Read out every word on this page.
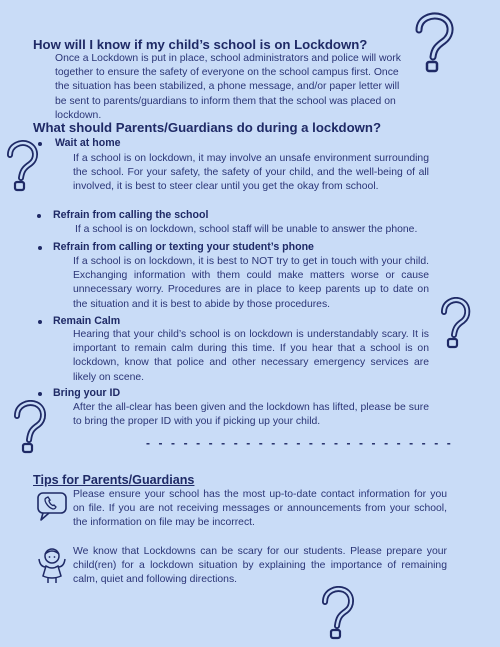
How will I know if my child’s school is on Lockdown?

Once a Lockdown is put in place, school administrators and police will work together to ensure the safety of everyone on the school campus first. Once the situation has been stabilized, a phone message, and/or paper letter will be sent to parents/guardians to inform them that the school was placed on lockdown.

What should Parents/Guardians do during a lockdown?

Wait at home

If a school is on lockdown, it may involve an unsafe environment surrounding the school. For your safety, the safety of your child, and the well-being of all involved, it is best to steer clear until you get the okay from school.

Refrain from calling the school

If a school is on lockdown, school staff will be unable to answer the phone.

Refrain from calling or texting your student’s phone

If a school is on lockdown, it is best to NOT try to get in touch with your child. Exchanging information with them could make matters worse or cause unnecessary worry. Procedures are in place to keep parents up to date on the situation and it is best to abide by those procedures.

Remain Calm

Hearing that your child’s school is on lockdown is understandably scary. It is important to remain calm during this time. If you hear that a school is on lockdown, know that police and other necessary emergency services are likely on scene.

Bring your ID

After the all-clear has been given and the lockdown has lifted, please be sure to bring the proper ID with you if picking up your child.

- - - - - - - - - - - - - - - - - - - - - - - - -

Tips for Parents/Guardians

Please ensure your school has the most up-to-date contact information for you on file. If you are not receiving messages or announcements from your school, the information on file may be incorrect.

We know that Lockdowns can be scary for our students. Please prepare your child(ren) for a lockdown situation by explaining the importance of remaining calm, quiet and following directions.
